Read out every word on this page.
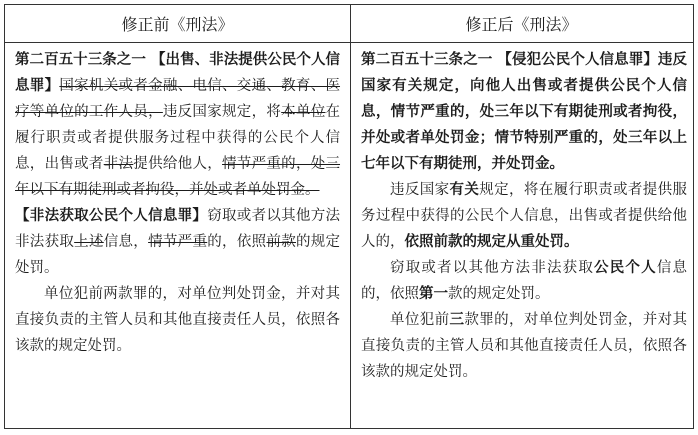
修正前《刑法》	修正后《刑法》

第二百五十三条之一 【出售、非法提供公民个人信息罪】国家机关或者金融、电信、交通、教育、医疗等单位的工作人员，违反国家规定，将本单位在履行职责或者提供服务过程中获得的公民个人信息，出售或者非法提供给他人，情节严重的，处三年以下有期徒刑或者拘役，并处或者单处罚金。

【非法获取公民个人信息罪】窃取或者以其他方法非法获取上述信息，情节严重的，依照前款的规定处罚。

单位犯前两款罪的，对单位判处罚金，并对其直接负责的主管人员和其他直接责任人员，依照各该款的规定处罚。

第二百五十三条之一 【侵犯公民个人信息罪】违反国家有关规定，向他人出售或者提供公民个人信息，情节严重的，处三年以下有期徒刑或者拘役，并处或者单处罚金；情节特别严重的，处三年以上七年以下有期徒刑，并处罚金。

违反国家有关规定，将在履行职责或者提供服务过程中获得的公民个人信息，出售或者提供给他人的，依照前款的规定从重处罚。

窃取或者以其他方法非法获取公民个人信息的，依照第一款的规定处罚。

单位犯前三款罪的，对单位判处罚金，并对其直接负责的主管人员和其他直接责任人员，依照各该款的规定处罚。
